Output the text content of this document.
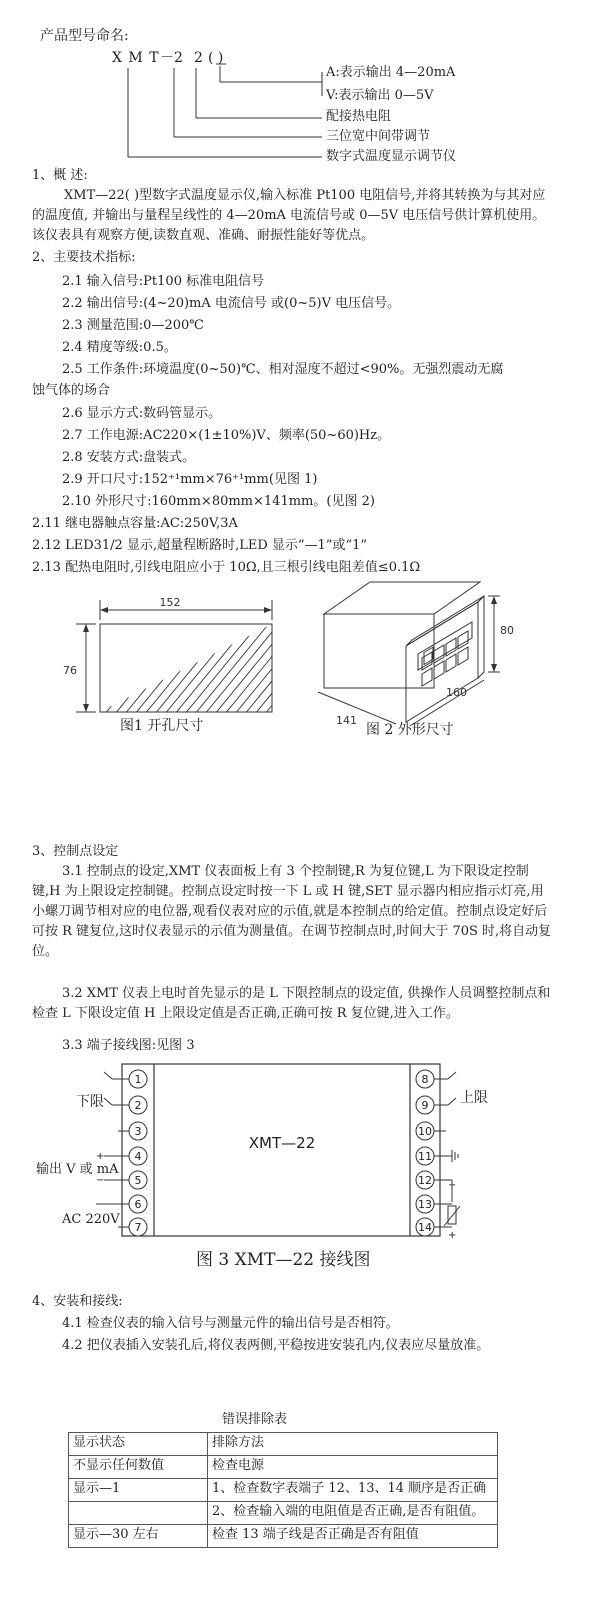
产品型号命名:
X M T －2 2 ( )
A:表示输出 4—20mA
V:表示输出 0—5V
配接热电阻
三位宽中间带调节
数字式温度显示调节仪
1、概 述:
XMT—22( )型数字式温度显示仪,输入标准 Pt100 电阻信号,并将其转换为与其对应的温度值, 并输出与量程呈线性的 4—20mA 电流信号或 0—5V 电压信号供计算机使用。该仪表具有观察方便,读数直观、准确、耐振性能好等优点。
2、主要技术指标:
2.1 输入信号:Pt100 标准电阻信号
2.2 输出信号:(4~20)mA 电流信号 或(0~5)V 电压信号。
2.3 测量范围:0—200℃
2.4 精度等级:0.5。
2.5 工作条件:环境温度(0~50)℃、相对湿度不超过<90%。无强烈震动无腐
蚀气体的场合
2.6 显示方式:数码管显示。
2.7 工作电源:AC220×(1±10%)V、频率(50~60)Hz。
2.8 安装方式:盘装式。
2.9 开口尺寸:152⁺¹mm×76⁺¹mm(见图 1)
2.10 外形尺寸:160mm×80mm×141mm。(见图 2)
2.11 继电器触点容量:AC:250V,3A
2.12 LED31/2 显示,超量程断路时,LED 显示“—1”或“1”
2.13 配热电阻时,引线电阻应小于 10Ω,且三根引线电阻差值≤0.1Ω
152
76
图1 开孔尺寸
80
141
160
图 2 外形尺寸
3、控制点设定
3.1 控制点的设定,XMT 仪表面板上有 3 个控制键,R 为复位键,L 为下限设定控制键,H 为上限设定控制键。控制点设定时按一下 L 或 H 键,SET 显示器内相应指示灯亮,用小螺刀调节相对应的电位器,观看仪表对应的示值,就是本控制点的给定值。控制点设定好后可按 R 键复位,这时仪表显示的示值为测量值。在调节控制点时,时间大于 70S 时,将自动复位。
3.2 XMT 仪表上电时首先显示的是 L 下限控制点的设定值, 供操作人员调整控制点和检查 L 下限设定值 H 上限设定值是否正确,正确可按 R 复位键,进入工作。
3.3 端子接线图:见图 3
1
2
3
4
5
6
7
8
9
10
11
12
13
14
XMT—22
+
−	−
+
下限	上限
输出 V 或 mA
AC 220V
图 3 XMT—22 接线图
4、安装和接线:
4.1 检查仪表的输入信号与测量元件的输出信号是否相符。
4.2 把仪表插入安装孔后,将仪表两侧,平稳按进安装孔内,仪表应尽量放准。
错误排除表
显示状态	排除方法
不显示任何数值	检查电源
显示—1	1、检查数字表端子 12、13、14 顺序是否正确
	2、检查输入端的电阻值是否正确,是否有阻值。
显示—30 左右	检查 13 端子线是否正确是否有阻值
